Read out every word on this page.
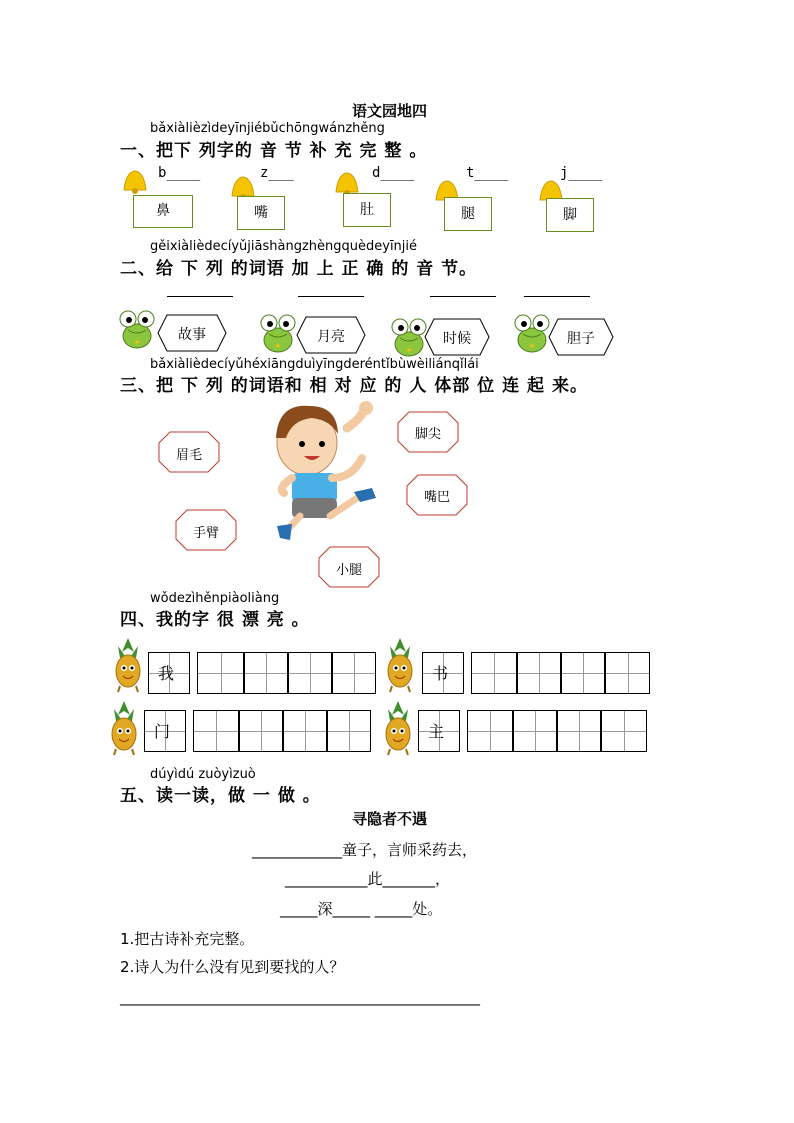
语文园地四
bǎxiàlièzìdeyīnjiébǔchōngwánzhěng
一、把下 列字的 音 节 补 充 完 整 。
b____	z___	d____	t____	j____
鼻	嘴	肚	腿	脚
gěixiàlièdecíyǔjiāshàngzhèngquèdeyīnjié
二、给 下 列 的词语 加 上 正 确 的 音 节。
故事	月亮	时候	胆子
bǎxiàlièdecíyǔhéxiāngduìyīngderéntǐbùwèiliánqǐlái
三、把 下 列 的词语和 相 对 应 的 人 体部 位 连 起 来。
眉毛
手臂
脚尖
嘴巴
小腿
wǒdezìhěnpiàoliàng
四、我的字 很 漂 亮 。
我	书
门	主
dúyìdú zuòyìzuò
五、读一读，做 一 做 。
寻隐者不遇
____________童子，言师采药去，
___________此_______，
_____深_____ _____处。
1.把古诗补充完整。
2.诗人为什么没有见到要找的人？
________________________________________________
